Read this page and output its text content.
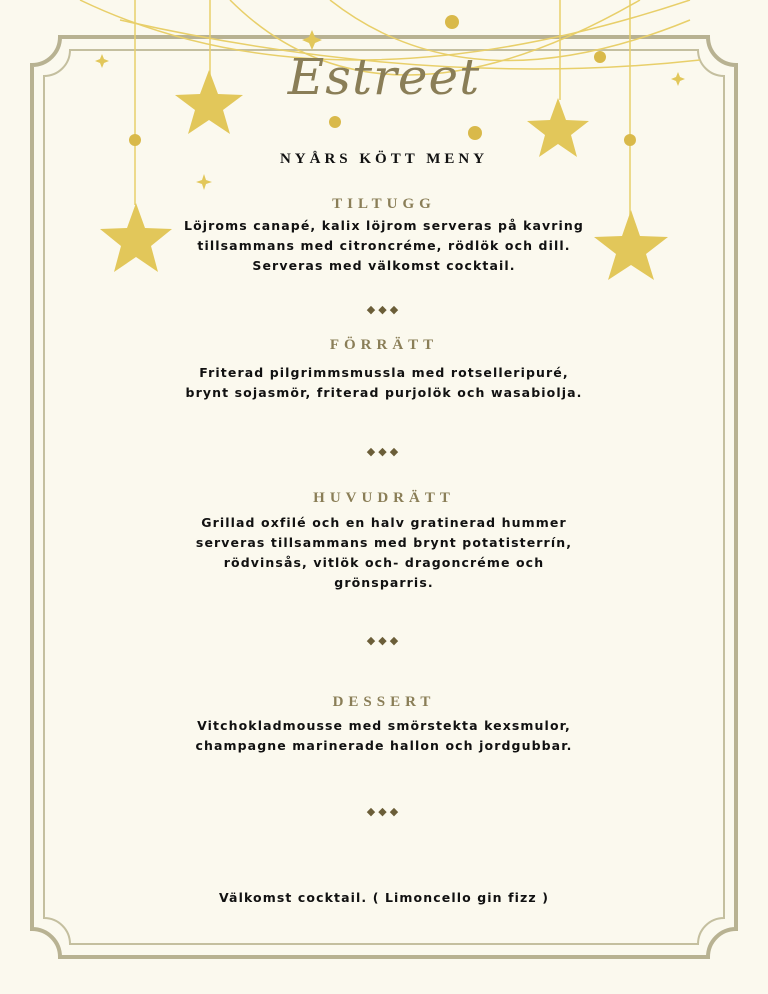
Estreet
NYÅRS KÖTT MENY
TILTUGG
Löjroms canapé, kalix löjrom serveras på kavring
tillsammans med citroncréme, rödlök och dill.
Serveras med välkomst cocktail.
◆◆◆
FÖRRÄTT
Friterad pilgrimmsmussla med rotselleripuré,
brynt sojasmör, friterad purjolök och wasabiolja.
◆◆◆
HUVUDRÄTT
Grillad oxfilé och en halv gratinerad hummer
serveras tillsammans med brynt potatisterrín,
rödvinsås, vitlök och- dragoncréme och
grönsparris.
◆◆◆
DESSERT
Vitchokladmousse med smörstekta kexsmulor,
champagne marinerade hallon och jordgubbar.
◆◆◆
Välkomst cocktail. ( Limoncello gin fizz )
